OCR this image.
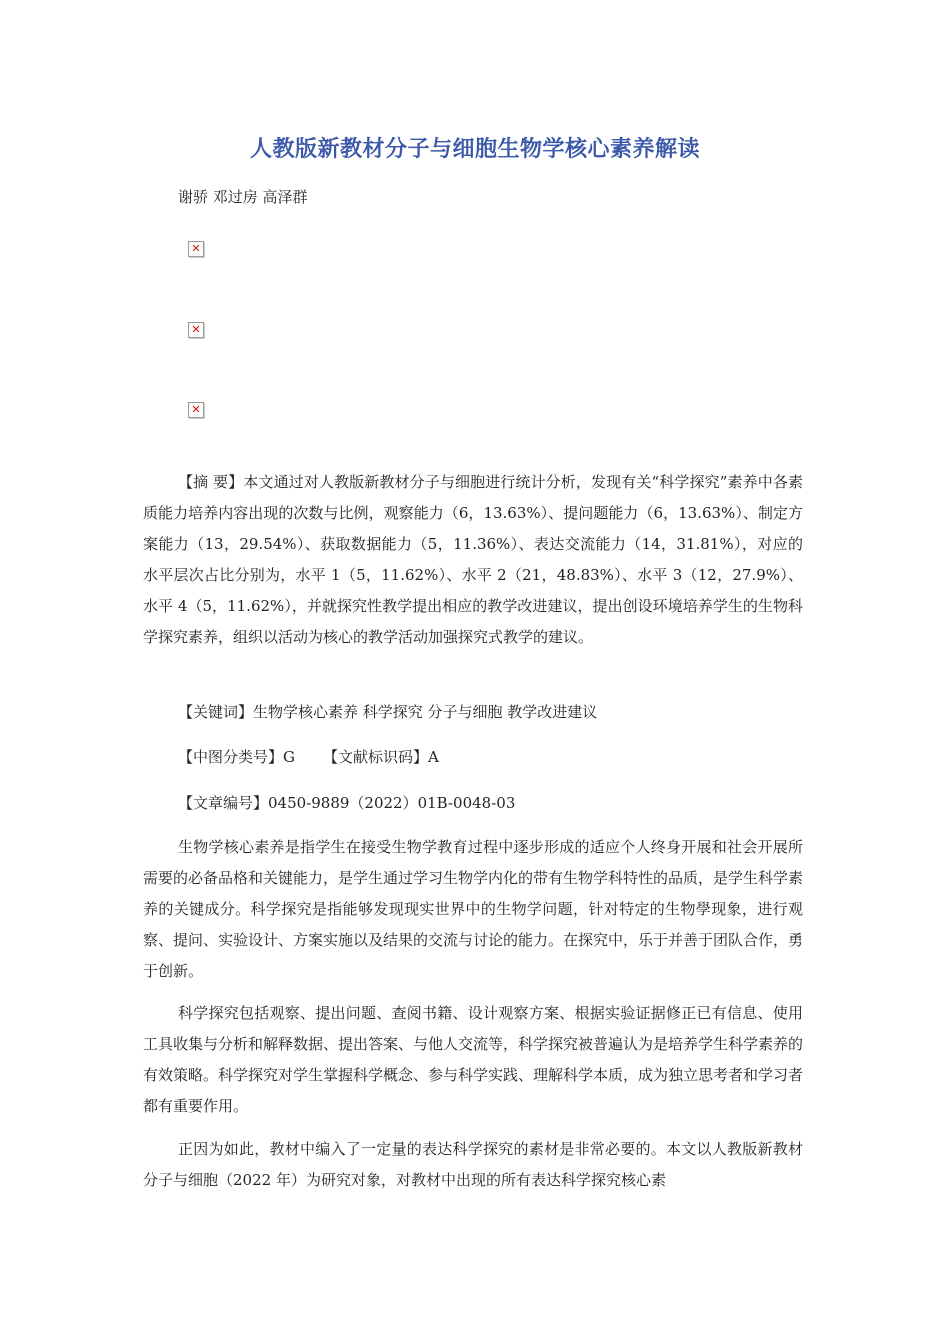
人教版新教材分子与细胞生物学核心素养解读
谢骄 邓过房 高泽群
✕
✕
✕

【摘 要】本文通过对人教版新教材分子与细胞进行统计分析，发现有关“科学探究”素养中各素质能力培养内容出现的次数与比例，观察能力（6，13.63%）、提问题能力（6，13.63%）、制定方案能力（13，29.54%）、获取数据能力（5，11.36%）、表达交流能力（14，31.81%），对应的水平层次占比分别为，水平 1（5，11.62%）、水平 2（21，48.83%）、水平 3（12，27.9%）、水平 4（5，11.62%），并就探究性教学提出相应的教学改进建议，提出创设环境培养学生的生物科学探究素养，组织以活动为核心的教学活动加强探究式教学的建议。

【关键词】生物学核心素养 科学探究 分子与细胞 教学改进建议

【中图分类号】G 【文献标识码】A

【文章编号】0450-9889（2022）01B-0048-03

生物学核心素养是指学生在接受生物学教育过程中逐步形成的适应个人终身开展和社会开展所需要的必备品格和关键能力，是学生通过学习生物学内化的带有生物学科特性的品质，是学生科学素养的关键成分。科学探究是指能够发现现实世界中的生物学问题，针对特定的生物學现象，进行观察、提问、实验设计、方案实施以及结果的交流与讨论的能力。在探究中，乐于并善于团队合作，勇于创新。

科学探究包括观察、提出问题、查阅书籍、设计观察方案、根据实验证据修正已有信息、使用工具收集与分析和解释数据、提出答案、与他人交流等，科学探究被普遍认为是培养学生科学素养的有效策略。科学探究对学生掌握科学概念、参与科学实践、理解科学本质，成为独立思考者和学习者都有重要作用。

正因为如此，教材中编入了一定量的表达科学探究的素材是非常必要的。本文以人教版新教材分子与细胞（2022 年）为研究对象，对教材中出现的所有表达科学探究核心素
